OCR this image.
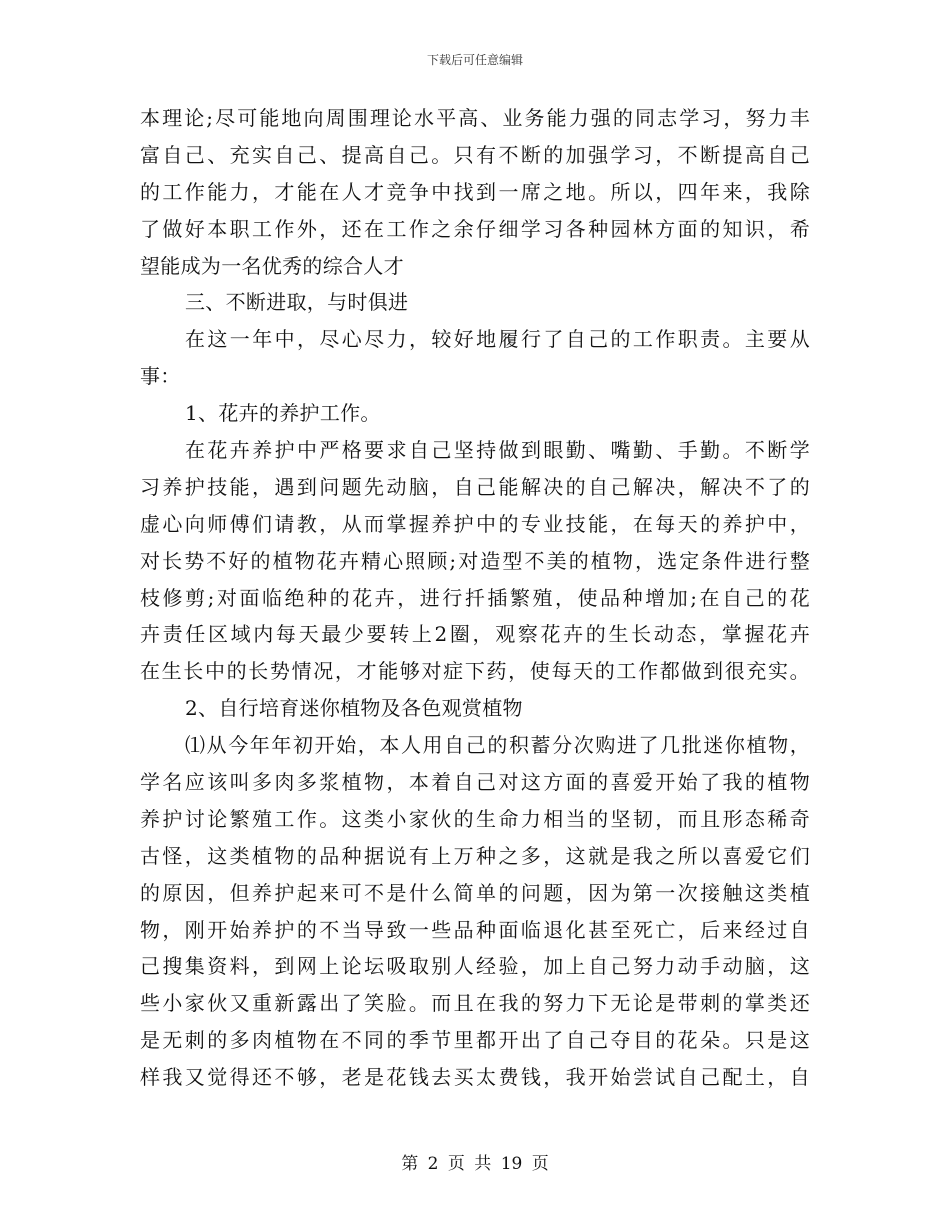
下载后可任意编辑
本理论;尽可能地向周围理论水平高、业务能力强的同志学习，努力丰
富自己、充实自己、提高自己。只有不断的加强学习，不断提高自己
的工作能力，才能在人才竞争中找到一席之地。所以，四年来，我除
了做好本职工作外，还在工作之余仔细学习各种园林方面的知识，希
望能成为一名优秀的综合人才
三、不断进取，与时俱进
在这一年中，尽心尽力，较好地履行了自己的工作职责。主要从
事：
1、花卉的养护工作。
在花卉养护中严格要求自己坚持做到眼勤、嘴勤、手勤。不断学
习养护技能，遇到问题先动脑，自己能解决的自己解决，解决不了的
虚心向师傅们请教，从而掌握养护中的专业技能，在每天的养护中，
对长势不好的植物花卉精心照顾;对造型不美的植物，选定条件进行整
枝修剪;对面临绝种的花卉，进行扦插繁殖，使品种增加;在自己的花
卉责任区域内每天最少要转上2圈，观察花卉的生长动态，掌握花卉
在生长中的长势情况，才能够对症下药，使每天的工作都做到很充实。
2、自行培育迷你植物及各色观赏植物
⑴从今年年初开始，本人用自己的积蓄分次购进了几批迷你植物，
学名应该叫多肉多浆植物，本着自己对这方面的喜爱开始了我的植物
养护讨论繁殖工作。这类小家伙的生命力相当的坚韧，而且形态稀奇
古怪，这类植物的品种据说有上万种之多，这就是我之所以喜爱它们
的原因，但养护起来可不是什么简单的问题，因为第一次接触这类植
物，刚开始养护的不当导致一些品种面临退化甚至死亡，后来经过自
己搜集资料，到网上论坛吸取别人经验，加上自己努力动手动脑，这
些小家伙又重新露出了笑脸。而且在我的努力下无论是带刺的掌类还
是无刺的多肉植物在不同的季节里都开出了自己夺目的花朵。只是这
样我又觉得还不够，老是花钱去买太费钱，我开始尝试自己配土，自
第 2 页 共 19 页
